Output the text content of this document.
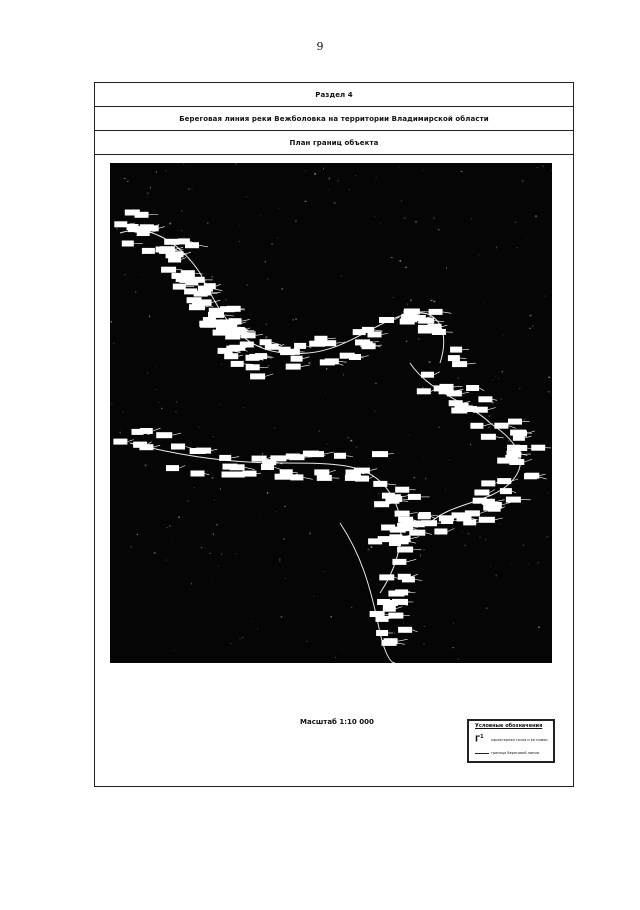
9
Раздел 4
Береговая линия реки Вежболовка на территории Владимирской области
План границ объекта
Масштаб 1:10 000	Условные обозначения
$Г^1$ характерная точка и ее номер
граница береговой линии
